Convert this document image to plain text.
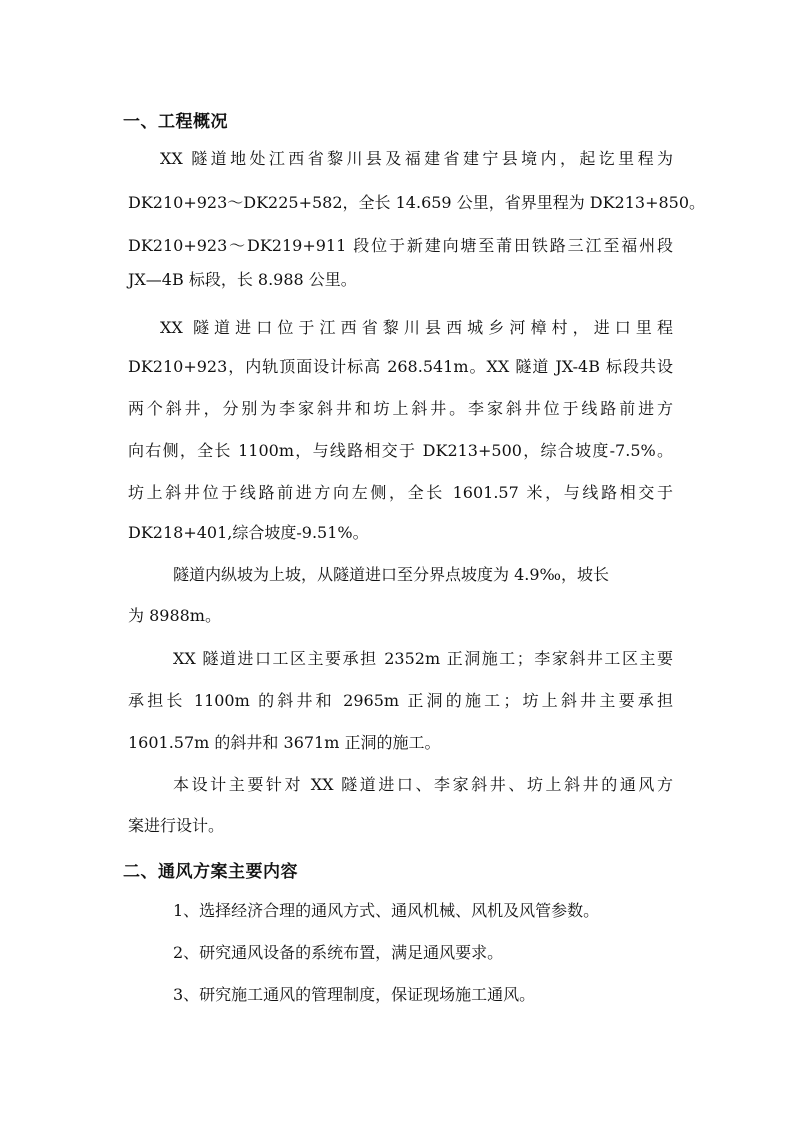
一、工程概况
XX 隧道地处江西省黎川县及福建省建宁县境内，起讫里程为
DK210+923～DK225+582，全长 14.659 公里，省界里程为 DK213+850。
DK210+923～DK219+911 段位于新建向塘至莆田铁路三江至福州段
JX—4B 标段，长 8.988 公里。
XX 隧道进口位于江西省黎川县西城乡河樟村，进口里程
DK210+923，内轨顶面设计标高 268.541m。XX 隧道 JX-4B 标段共设
两个斜井，分别为李家斜井和坊上斜井。李家斜井位于线路前进方
向右侧，全长 1100m，与线路相交于 DK213+500，综合坡度-7.5%。
坊上斜井位于线路前进方向左侧，全长 1601.57 米，与线路相交于
DK218+401,综合坡度-9.51%。
隧道内纵坡为上坡，从隧道进口至分界点坡度为 4.9‰，坡长
为 8988m。
XX 隧道进口工区主要承担 2352m 正洞施工；李家斜井工区主要
承担长 1100m 的斜井和 2965m 正洞的施工；坊上斜井主要承担
1601.57m 的斜井和 3671m 正洞的施工。
本设计主要针对 XX 隧道进口、李家斜井、坊上斜井的通风方
案进行设计。
二、通风方案主要内容
1、选择经济合理的通风方式、通风机械、风机及风管参数。
2、研究通风设备的系统布置，满足通风要求。
3、研究施工通风的管理制度，保证现场施工通风。
